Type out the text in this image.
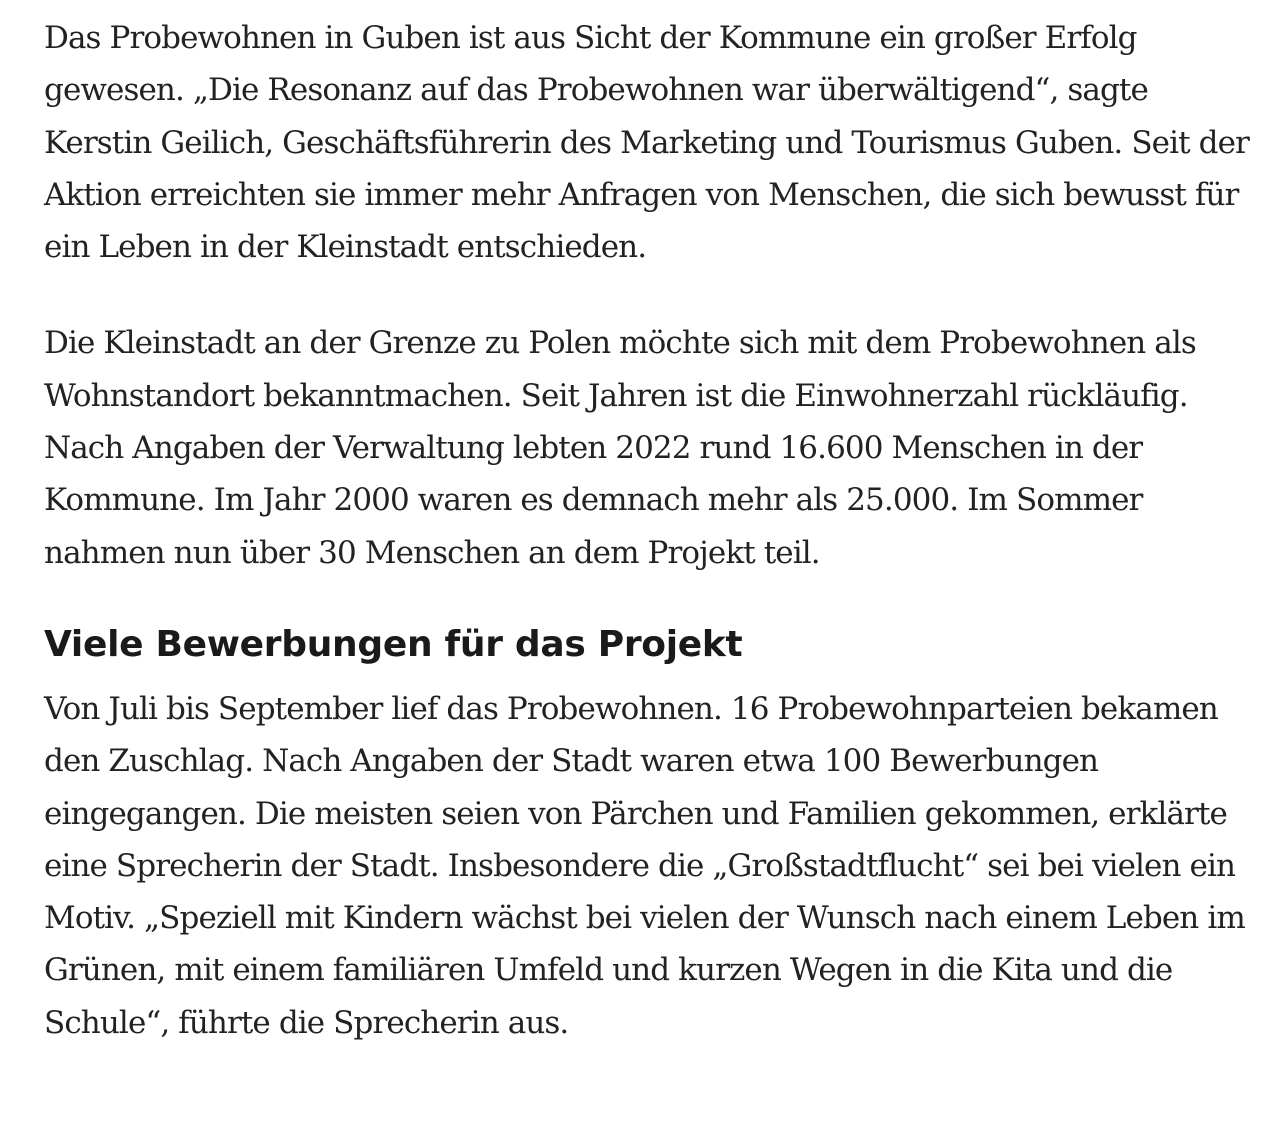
Das Probewohnen in Guben ist aus Sicht der Kommune ein großer Erfolg gewesen. „Die Resonanz auf das Probewohnen war überwältigend“, sagte Kerstin Geilich, Geschäftsführerin des Marketing und Tourismus Guben. Seit der Aktion erreichten sie immer mehr Anfragen von Menschen, die sich bewusst für ein Leben in der Kleinstadt entschieden.

Die Kleinstadt an der Grenze zu Polen möchte sich mit dem Probewohnen als Wohnstandort bekanntmachen. Seit Jahren ist die Einwohnerzahl rückläufig. Nach Angaben der Verwaltung lebten 2022 rund 16.600 Menschen in der Kommune. Im Jahr 2000 waren es demnach mehr als 25.000. Im Sommer nahmen nun über 30 Menschen an dem Projekt teil.

Viele Bewerbungen für das Projekt

Von Juli bis September lief das Probewohnen. 16 Probewohnparteien bekamen den Zuschlag. Nach Angaben der Stadt waren etwa 100 Bewerbungen eingegangen. Die meisten seien von Pärchen und Familien gekommen, erklärte eine Sprecherin der Stadt. Insbesondere die „Großstadtflucht“ sei bei vielen ein Motiv. „Speziell mit Kindern wächst bei vielen der Wunsch nach einem Leben im Grünen, mit einem familiären Umfeld und kurzen Wegen in die Kita und die Schule“, führte die Sprecherin aus.
